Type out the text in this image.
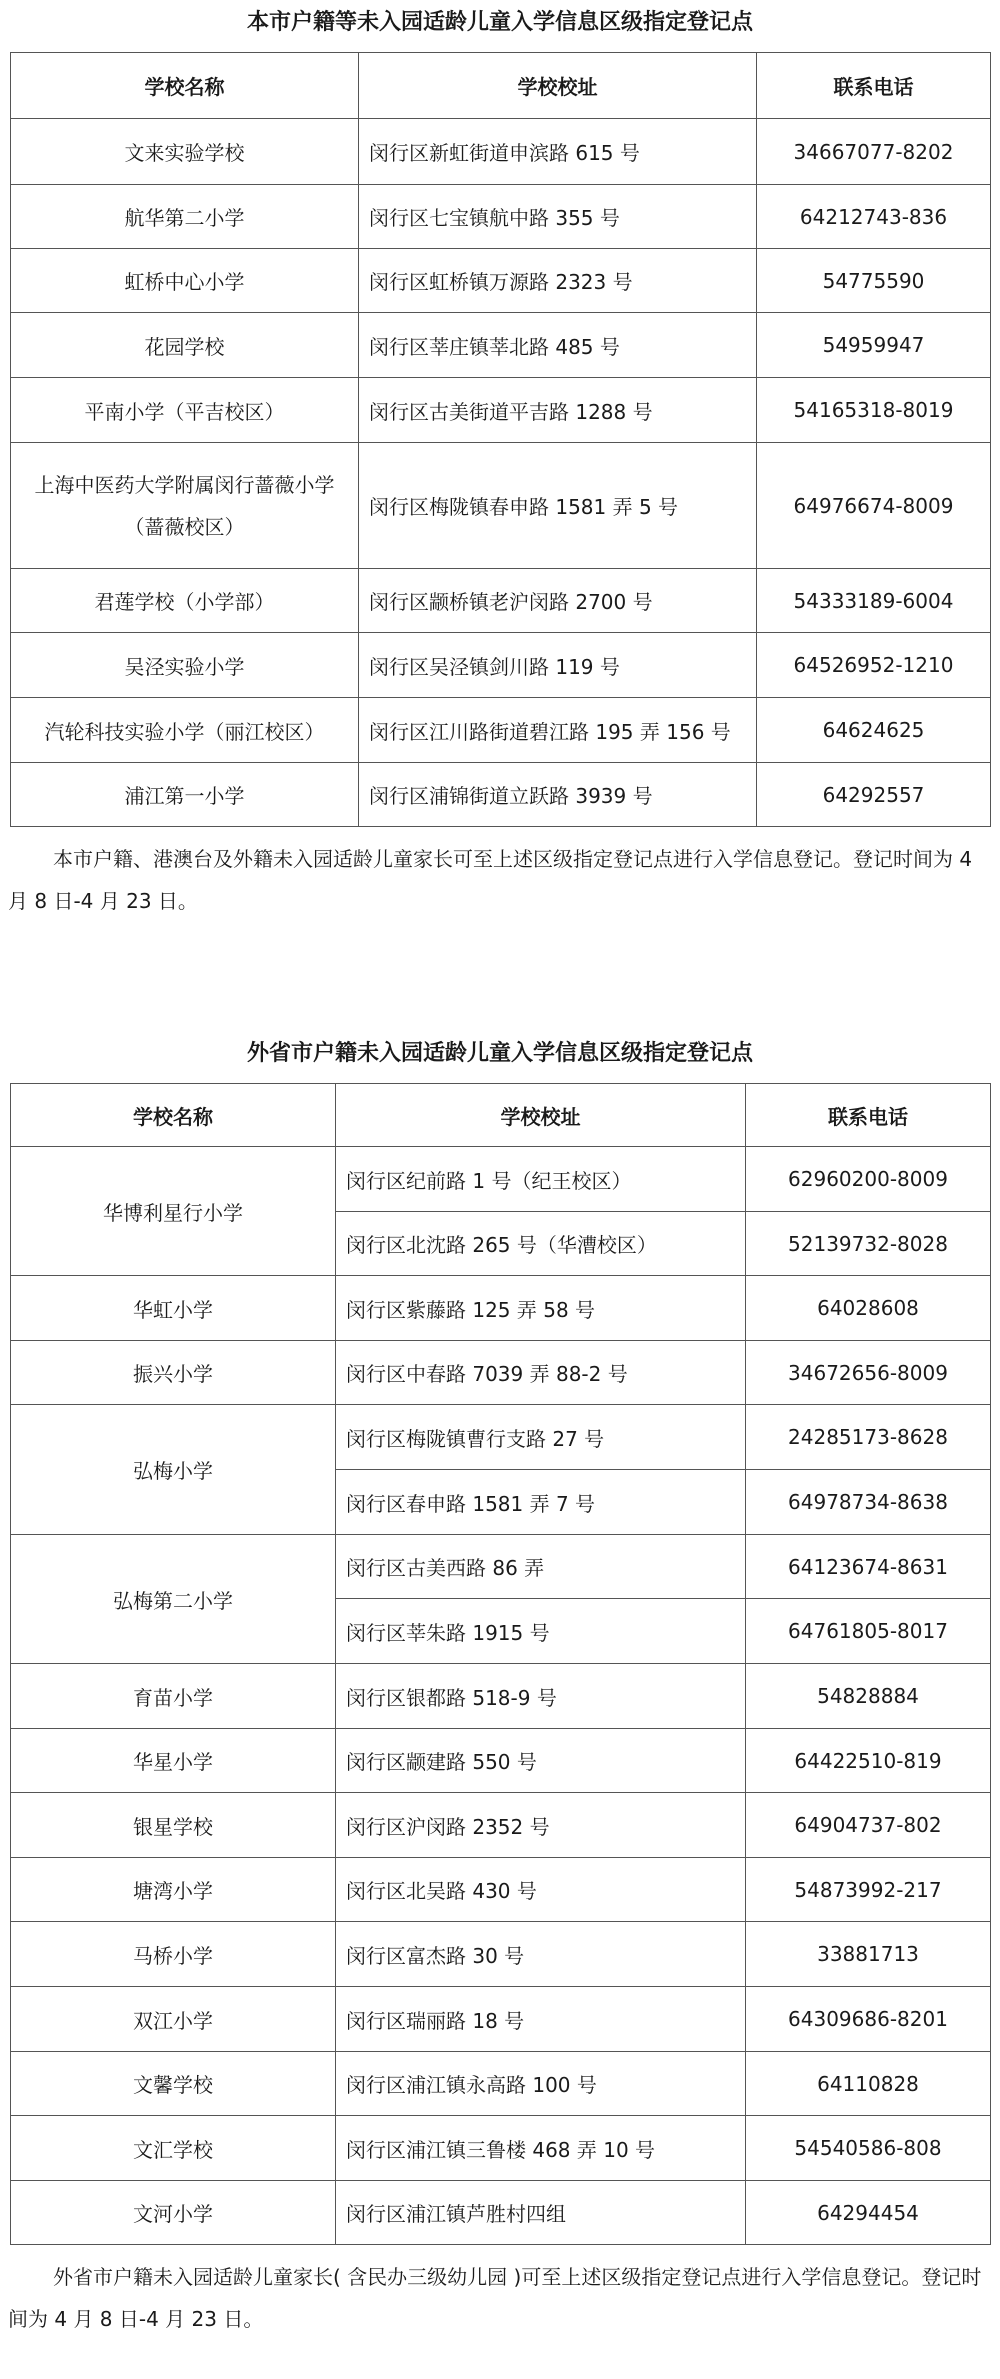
本市户籍等未入园适龄儿童入学信息区级指定登记点
学校名称	学校校址	联系电话
文来实验学校	闵行区新虹街道申滨路 615 号	34667077-8202
航华第二小学	闵行区七宝镇航中路 355 号	64212743-836
虹桥中心小学	闵行区虹桥镇万源路 2323 号	54775590
花园学校	闵行区莘庄镇莘北路 485 号	54959947
平南小学（平吉校区）	闵行区古美街道平吉路 1288 号	54165318-8019
上海中医药大学附属闵行蔷薇小学（蔷薇校区）	闵行区梅陇镇春申路 1581 弄 5 号	64976674-8009
君莲学校（小学部）	闵行区颛桥镇老沪闵路 2700 号	54333189-6004
吴泾实验小学	闵行区吴泾镇剑川路 119 号	64526952-1210
汽轮科技实验小学（丽江校区）	闵行区江川路街道碧江路 195 弄 156 号	64624625
浦江第一小学	闵行区浦锦街道立跃路 3939 号	64292557

本市户籍、港澳台及外籍未入园适龄儿童家长可至上述区级指定登记点进行入学信息登记。登记时间为 4 月 8 日-4 月 23 日。

外省市户籍未入园适龄儿童入学信息区级指定登记点
学校名称	学校校址	联系电话
华博利星行小学	闵行区纪前路 1 号（纪王校区）	62960200-8009
	闵行区北沈路 265 号（华漕校区）	52139732-8028
华虹小学	闵行区紫藤路 125 弄 58 号	64028608
振兴小学	闵行区中春路 7039 弄 88-2 号	34672656-8009
弘梅小学	闵行区梅陇镇曹行支路 27 号	24285173-8628
	闵行区春申路 1581 弄 7 号	64978734-8638
弘梅第二小学	闵行区古美西路 86 弄	64123674-8631
	闵行区莘朱路 1915 号	64761805-8017
育苗小学	闵行区银都路 518-9 号	54828884
华星小学	闵行区颛建路 550 号	64422510-819
银星学校	闵行区沪闵路 2352 号	64904737-802
塘湾小学	闵行区北吴路 430 号	54873992-217
马桥小学	闵行区富杰路 30 号	33881713
双江小学	闵行区瑞丽路 18 号	64309686-8201
文馨学校	闵行区浦江镇永高路 100 号	64110828
文汇学校	闵行区浦江镇三鲁楼 468 弄 10 号	54540586-808
文河小学	闵行区浦江镇芦胜村四组	64294454

外省市户籍未入园适龄儿童家长( 含民办三级幼儿园 )可至上述区级指定登记点进行入学信息登记。登记时间为 4 月 8 日-4 月 23 日。
